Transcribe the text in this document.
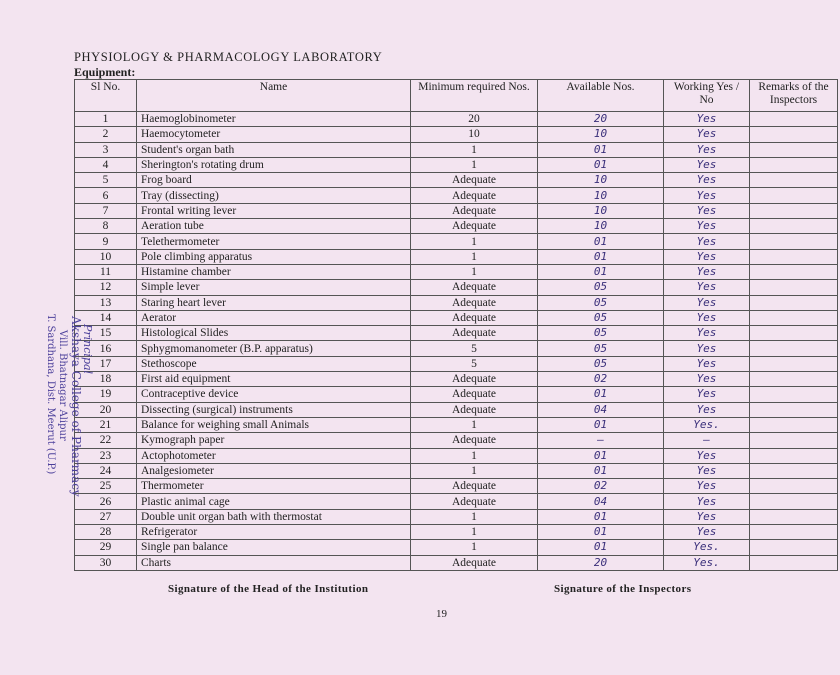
PHYSIOLOGY & PHARMACOLOGY LABORATORY
Equipment:
Sl No.	Name	Minimum required Nos.	Available Nos.	Working Yes / No	Remarks of the Inspectors
1	Haemoglobinometer	20	20	Yes	
2	Haemocytometer	10	10	Yes	
3	Student's organ bath	1	01	Yes	
4	Sherington's rotating drum	1	01	Yes	
5	Frog board	Adequate	10	Yes	
6	Tray (dissecting)	Adequate	10	Yes	
7	Frontal writing lever	Adequate	10	Yes	
8	Aeration tube	Adequate	10	Yes	
9	Telethermometer	1	01	Yes	
10	Pole climbing apparatus	1	01	Yes	
11	Histamine chamber	1	01	Yes	
12	Simple lever	Adequate	05	Yes	
13	Staring heart lever	Adequate	05	Yes	
14	Aerator	Adequate	05	Yes	
15	Histological Slides	Adequate	05	Yes	
16	Sphygmomanometer (B.P. apparatus)	5	05	Yes	
17	Stethoscope	5	05	Yes	
18	First aid equipment	Adequate	02	Yes	
19	Contraceptive device	Adequate	01	Yes	
20	Dissecting (surgical) instruments	Adequate	04	Yes	
21	Balance for weighing small Animals	1	01	Yes.	
22	Kymograph paper	Adequate	—	—	
23	Actophotometer	1	01	Yes	
24	Analgesiometer	1	01	Yes	
25	Thermometer	Adequate	02	Yes	
26	Plastic animal cage	Adequate	04	Yes	
27	Double unit organ bath with thermostat	1	01	Yes	
28	Refrigerator	1	01	Yes	
29	Single pan balance	1	01	Yes.	
30	Charts	Adequate	20	Yes.	
Principal
Akshaya College of Pharmacy
Vill. Bhatnagar Alipur
T. Sardhana, Dist. Meerut (U.P.)
Signature of the Head of the Institution	Signature of the Inspectors
19
